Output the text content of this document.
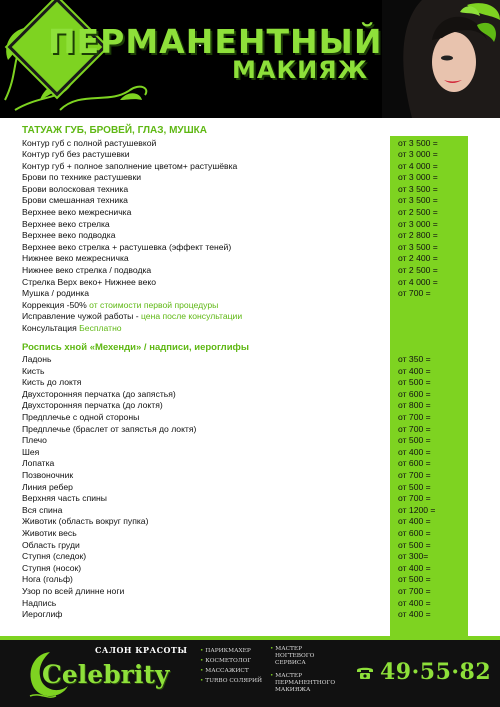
ПЕРМАНЕНТНЫЙ
МАКИЯЖ
ТАТУАЖ ГУБ, БРОВЕЙ, ГЛАЗ, МУШКА
Контур губ с полной растушевкой	от 3 500 =
Контур губ без растушевки	от 3 000 =
Контур губ + полное заполнение цветом+ растушёвка	от 4 000 =
Брови по технике растушевки	от 3 000 =
Брови волосковая техника	от 3 500 =
Брови смешанная техника	от 3 500 =
Верхнее веко межресничка	от 2 500 =
Верхнее веко стрелка	от 3 000 =
Верхнее веко подводка	от 2 800 =
Верхнее веко стрелка + растушевка (эффект теней)	от 3 500 =
Нижнее веко межресничка	от 2 400 =
Нижнее веко стрелка / подводка	от 2 500 =
Стрелка Верх веко+ Нижнее веко	от 4 000 =
Мушка / родинка	от 700 =
Коррекция -50% от стоимости первой процедуры
Исправление чужой работы - цена после консультации
Консультация Бесплатно
Роспись хной «Мехенди» / надписи, иероглифы
Ладонь	от 350 =
Кисть	от 400 =
Кисть до локтя	от 500 =
Двухсторонняя перчатка (до запястья)	от 600 =
Двухсторонняя перчатка (до локтя)	от 800 =
Предплечье с одной стороны	от 700 =
Предплечье (браслет от запястья до локтя)	от 700 =
Плечо	от 500 =
Шея	от 400 =
Лопатка	от 600 =
Позвоночник	от 700 =
Линия ребер	от 500 =
Верхняя часть спины	от 700 =
Вся спина	от 1200 =
Животик (область вокруг пупка)	от 400 =
Животик весь	от 600 =
Область груди	от 500 =
Ступня (следок)	от 300=
Ступня (носок)	от 400 =
Нога (гольф)	от 500 =
Узор по всей длинне ноги	от 700 =
Надпись	от 400 =
Иероглиф	от 400 =
САЛОН КРАСОТЫ
Celebrity
• ПАРИКМАХЕР
• КОСМЕТОЛОГ
• МАССАЖИСТ
• TURBO СОЛЯРИЙ
• МАСТЕР
НОГТЕВОГО
СЕРВИСА
• МАСТЕР
ПЕРМАНЕНТНОГО
МАКИЯЖА
49·55·82
